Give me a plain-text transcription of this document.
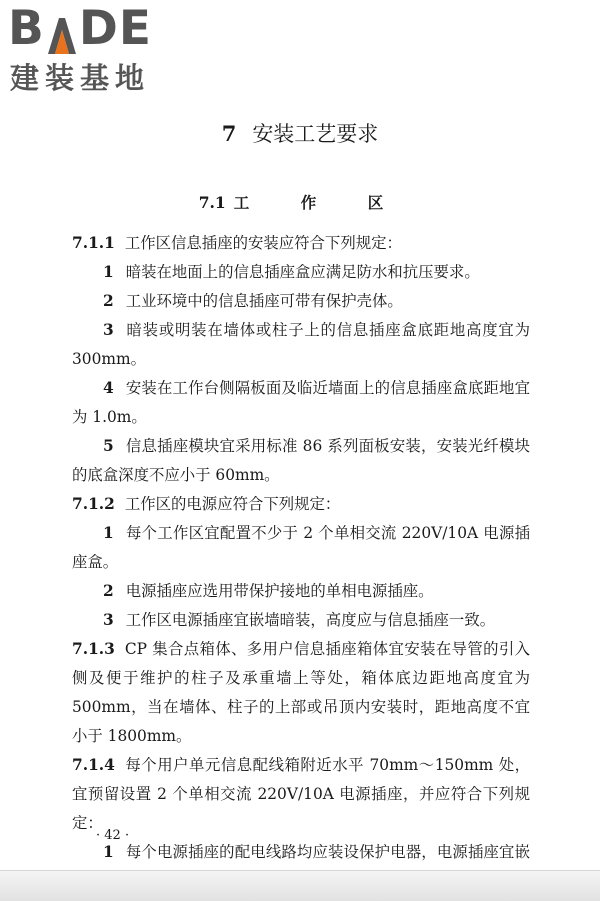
B DE
建装基地
7 安装工艺要求
7.1 工　作　区

7.1.1 工作区信息插座的安装应符合下列规定：

1 暗装在地面上的信息插座盒应满足防水和抗压要求。

2 工业环境中的信息插座可带有保护壳体。

3 暗装或明装在墙体或柱子上的信息插座盒底距地高度宜为 300mm。

4 安装在工作台侧隔板面及临近墙面上的信息插座盒底距地宜为 1.0m。

5 信息插座模块宜采用标准 86 系列面板安装，安装光纤模块的底盒深度不应小于 60mm。

7.1.2 工作区的电源应符合下列规定：

1 每个工作区宜配置不少于 2 个单相交流 220V/10A 电源插座盒。

2 电源插座应选用带保护接地的单相电源插座。

3 工作区电源插座宜嵌墙暗装，高度应与信息插座一致。

7.1.3 CP 集合点箱体、多用户信息插座箱体宜安装在导管的引入侧及便于维护的柱子及承重墙上等处，箱体底边距地高度宜为 500mm，当在墙体、柱子的上部或吊顶内安装时，距地高度不宜小于 1800mm。

7.1.4 每个用户单元信息配线箱附近水平 70mm～150mm 处，宜预留设置 2 个单相交流 220V/10A 电源插座，并应符合下列规定：

1 每个电源插座的配电线路均应装设保护电器，电源插座宜嵌

· 42 ·
